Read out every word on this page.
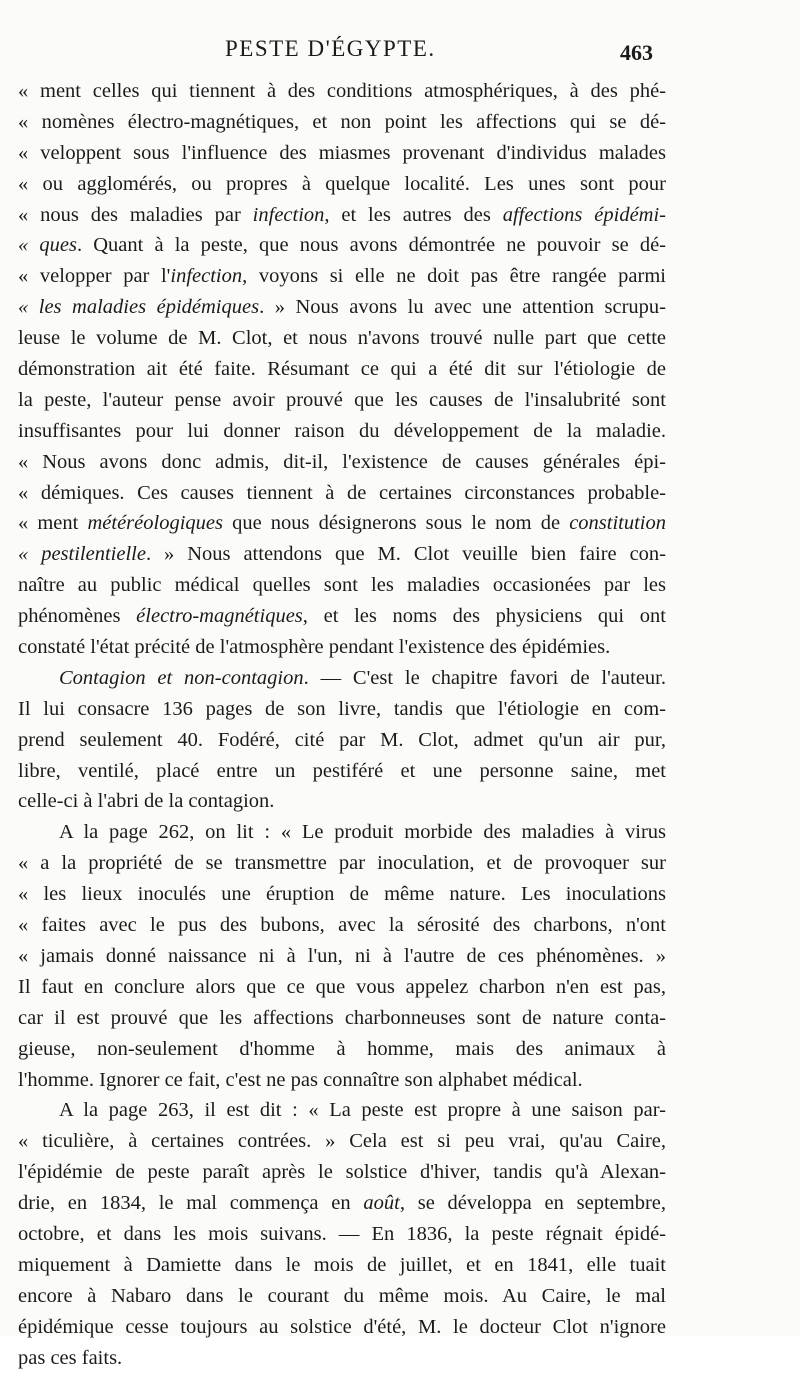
PESTE D'ÉGYPTE.	463
« ment celles qui tiennent à des conditions atmosphériques, à des phé-
« nomènes électro-magnétiques, et non point les affections qui se dé-
« veloppent sous l'influence des miasmes provenant d'individus malades
« ou agglomérés, ou propres à quelque localité. Les unes sont pour
« nous des maladies par infection, et les autres des affections épidémi-
« ques. Quant à la peste, que nous avons démontrée ne pouvoir se dé-
« velopper par l'infection, voyons si elle ne doit pas être rangée parmi
« les maladies épidémiques. » Nous avons lu avec une attention scrupu-
leuse le volume de M. Clot, et nous n'avons trouvé nulle part que cette
démonstration ait été faite. Résumant ce qui a été dit sur l'étiologie de
la peste, l'auteur pense avoir prouvé que les causes de l'insalubrité sont
insuffisantes pour lui donner raison du développement de la maladie.
« Nous avons donc admis, dit-il, l'existence de causes générales épi-
« démiques. Ces causes tiennent à de certaines circonstances probable-
« ment météréologiques que nous désignerons sous le nom de constitution
« pestilentielle. » Nous attendons que M. Clot veuille bien faire con-
naître au public médical quelles sont les maladies occasionées par les
phénomènes électro-magnétiques, et les noms des physiciens qui ont
constaté l'état précité de l'atmosphère pendant l'existence des épidémies.
  Contagion et non-contagion. — C'est le chapitre favori de l'auteur.
Il lui consacre 136 pages de son livre, tandis que l'étiologie en com-
prend seulement 40. Fodéré, cité par M. Clot, admet qu'un air pur,
libre, ventilé, placé entre un pestiféré et une personne saine, met
celle-ci à l'abri de la contagion.
  A la page 262, on lit : « Le produit morbide des maladies à virus
« a la propriété de se transmettre par inoculation, et de provoquer sur
« les lieux inoculés une éruption de même nature. Les inoculations
« faites avec le pus des bubons, avec la sérosité des charbons, n'ont
« jamais donné naissance ni à l'un, ni à l'autre de ces phénomènes. »
Il faut en conclure alors que ce que vous appelez charbon n'en est pas,
car il est prouvé que les affections charbonneuses sont de nature conta-
gieuse, non-seulement d'homme à homme, mais des animaux à
l'homme. Ignorer ce fait, c'est ne pas connaître son alphabet médical.
  A la page 263, il est dit : « La peste est propre à une saison par-
« ticulière, à certaines contrées. » Cela est si peu vrai, qu'au Caire,
l'épidémie de peste paraît après le solstice d'hiver, tandis qu'à Alexan-
drie, en 1834, le mal commença en août, se développa en septembre,
octobre, et dans les mois suivans. — En 1836, la peste régnait épidé-
miquement à Damiette dans le mois de juillet, et en 1841, elle tuait
encore à Nabaro dans le courant du même mois. Au Caire, le mal
épidémique cesse toujours au solstice d'été, M. le docteur Clot n'ignore
pas ces faits.
